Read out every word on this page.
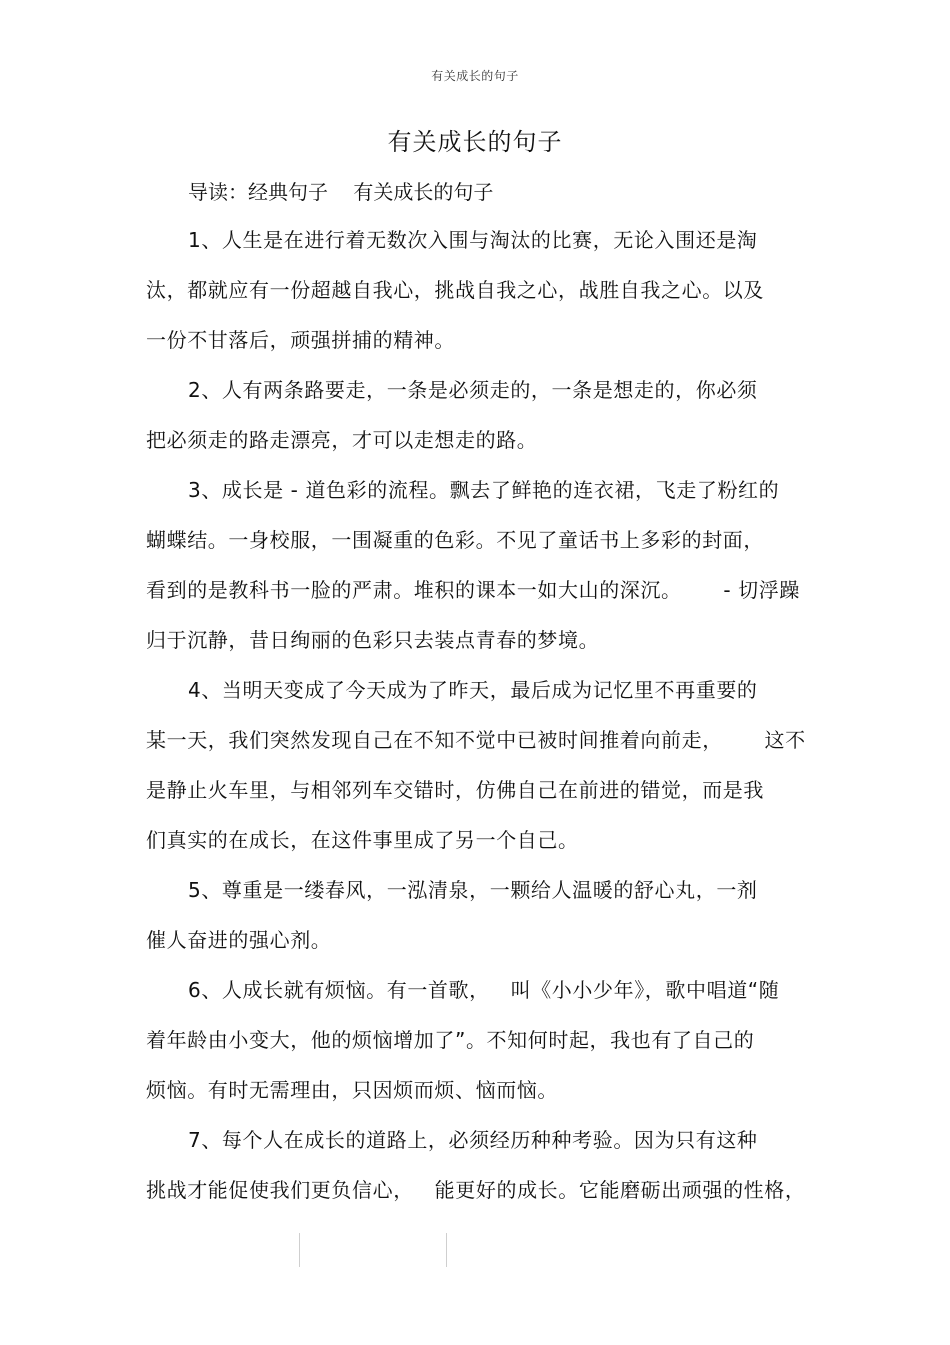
有关成长的句子
有关成长的句子
导读：经典句子    有关成长的句子
1、人生是在进行着无数次入围与淘汰的比赛，无论入围还是淘
汰，都就应有一份超越自我心，挑战自我之心，战胜自我之心。以及
一份不甘落后，顽强拼捕的精神。
2、人有两条路要走，一条是必须走的，一条是想走的，你必须
把必须走的路走漂亮，才可以走想走的路。
3、成长是 - 道色彩的流程。飘去了鲜艳的连衣裙，飞走了粉红的
蝴蝶结。一身校服，一围凝重的色彩。不见了童话书上多彩的封面，
看到的是教科书一脸的严肃。堆积的课本一如大山的深沉。      - 切浮躁
归于沉静，昔日绚丽的色彩只去装点青春的梦境。
4、当明天变成了今天成为了昨天，最后成为记忆里不再重要的
某一天，我们突然发现自己在不知不觉中已被时间推着向前走，      这不
是静止火车里，与相邻列车交错时，仿佛自己在前进的错觉，而是我
们真实的在成长，在这件事里成了另一个自己。
5、尊重是一缕春风，一泓清泉，一颗给人温暖的舒心丸，一剂
催人奋进的强心剂。
6、人成长就有烦恼。有一首歌，   叫《小小少年》，歌中唱道“随
着年龄由小变大，他的烦恼增加了”。不知何时起，我也有了自己的
烦恼。有时无需理由，只因烦而烦、恼而恼。
7、每个人在成长的道路上，必须经历种种考验。因为只有这种
挑战才能促使我们更负信心，   能更好的成长。它能磨砺出顽强的性格，
